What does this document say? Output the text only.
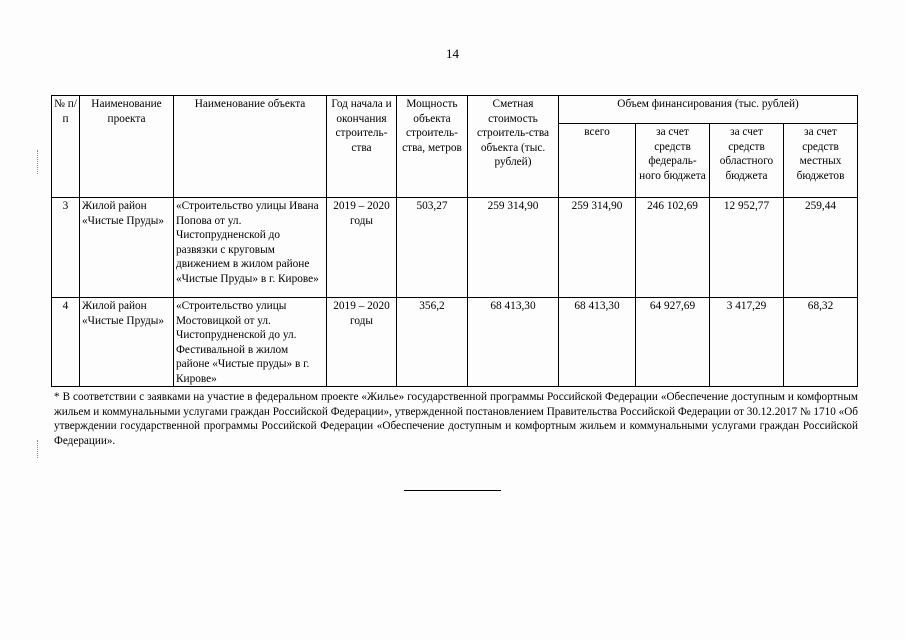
14
№ п/п	Наименование проекта	Наименование объекта	Год начала и окончания строитель-ства	Мощность объекта строитель-ства, метров	Сметная стоимость строитель-ства объекта (тыс. рублей)	Объем финансирования (тыс. рублей)			
						всего	за счет средств федераль-ного бюджета	за счет средств областного бюджета	за счет средств местных бюджетов
3	Жилой район «Чистые Пруды»	«Строительство улицы Ивана Попова от ул. Чистопрудненской до развязки с круговым движением в жилом районе «Чистые Пруды» в г. Кирове»	2019 – 2020 годы	503,27	259 314,90	259 314,90	246 102,69	12 952,77	259,44
4	Жилой район «Чистые Пруды»	«Строительство улицы Мостовицкой от ул. Чистопрудненской до ул. Фестивальной в жилом районе «Чистые пруды» в г. Кирове»	2019 – 2020 годы	356,2	68 413,30	68 413,30	64 927,69	3 417,29	68,32
* В соответствии с заявками на участие в федеральном проекте «Жилье» государственной программы Российской Федерации «Обеспечение доступным и комфортным жильем и коммунальными услугами граждан Российской Федерации», утвержденной постановлением Правительства Российской Федерации от 30.12.2017 № 1710 «Об утверждении государственной программы Российской Федерации «Обеспечение доступным и комфортным жильем и коммунальными услугами граждан Российской Федерации».
